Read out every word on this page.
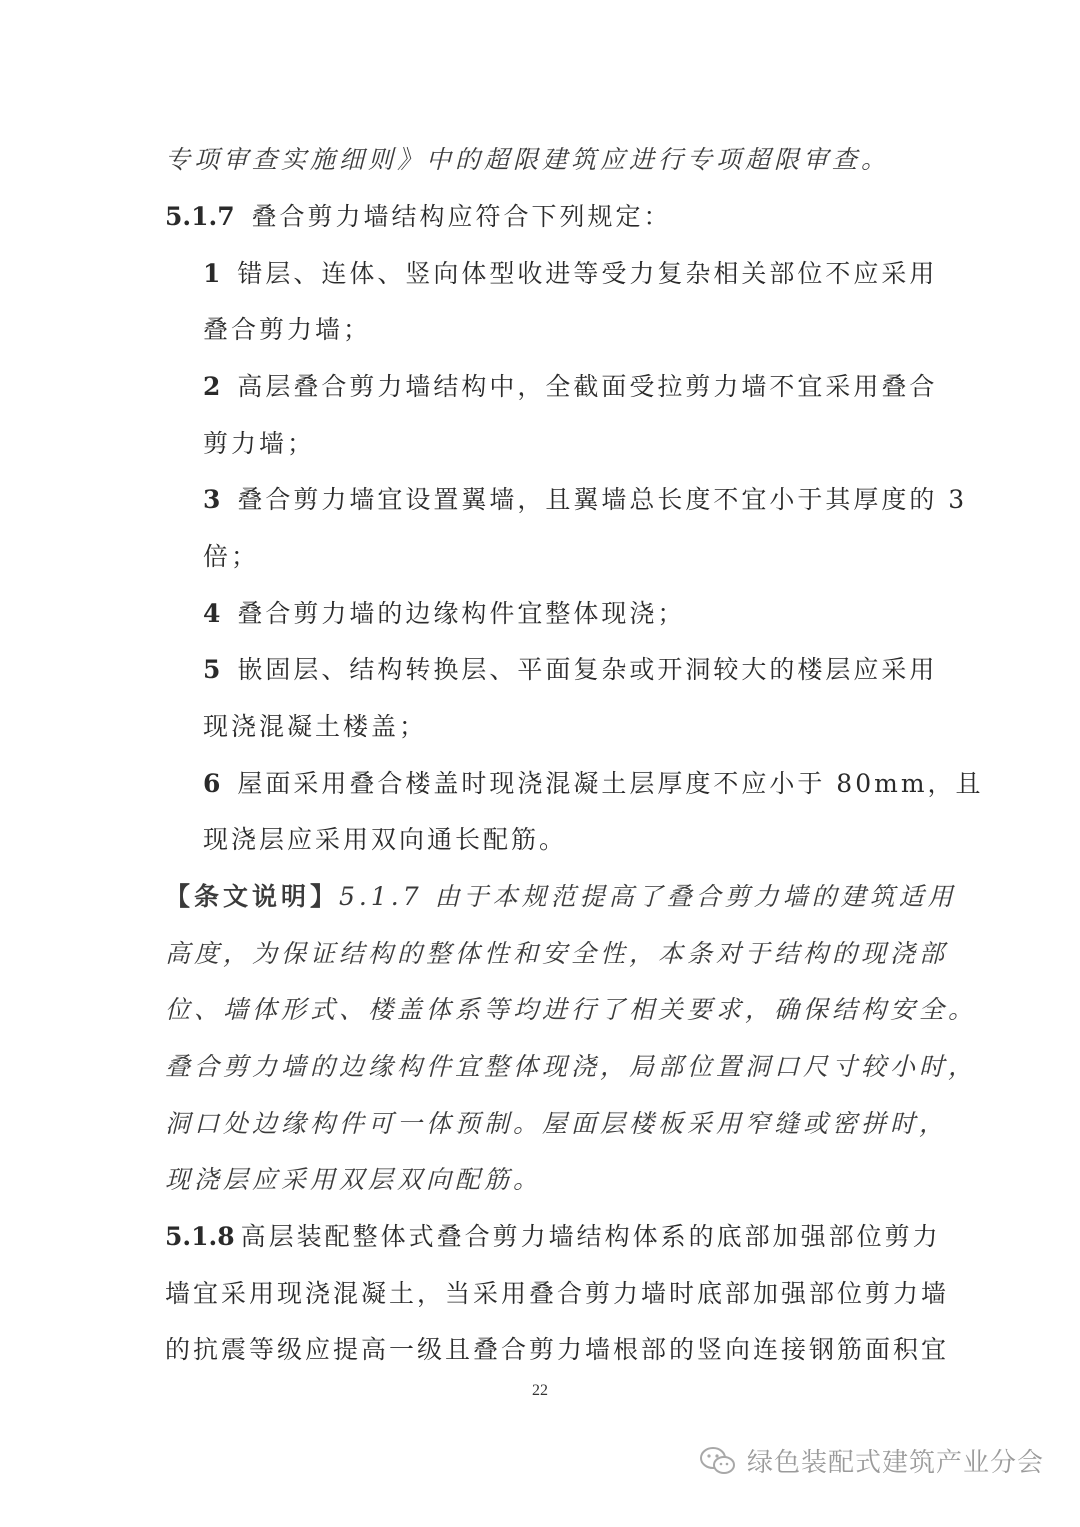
专项审查实施细则》中的超限建筑应进行专项超限审查。
5.1.7 叠合剪力墙结构应符合下列规定：
1 错层、连体、竖向体型收进等受力复杂相关部位不应采用
叠合剪力墙；
2 高层叠合剪力墙结构中，全截面受拉剪力墙不宜采用叠合
剪力墙；
3 叠合剪力墙宜设置翼墙，且翼墙总长度不宜小于其厚度的 3
倍；
4 叠合剪力墙的边缘构件宜整体现浇；
5 嵌固层、结构转换层、平面复杂或开洞较大的楼层应采用
现浇混凝土楼盖；
6 屋面采用叠合楼盖时现浇混凝土层厚度不应小于 80mm，且
现浇层应采用双向通长配筋。
【条文说明】5.1.7 由于本规范提高了叠合剪力墙的建筑适用
高度，为保证结构的整体性和安全性，本条对于结构的现浇部
位、墙体形式、楼盖体系等均进行了相关要求，确保结构安全。
叠合剪力墙的边缘构件宜整体现浇，局部位置洞口尺寸较小时，
洞口处边缘构件可一体预制。屋面层楼板采用窄缝或密拼时，
现浇层应采用双层双向配筋。
5.1.8 高层装配整体式叠合剪力墙结构体系的底部加强部位剪力
墙宜采用现浇混凝土，当采用叠合剪力墙时底部加强部位剪力墙
的抗震等级应提高一级且叠合剪力墙根部的竖向连接钢筋面积宜
22
绿色装配式建筑产业分会
